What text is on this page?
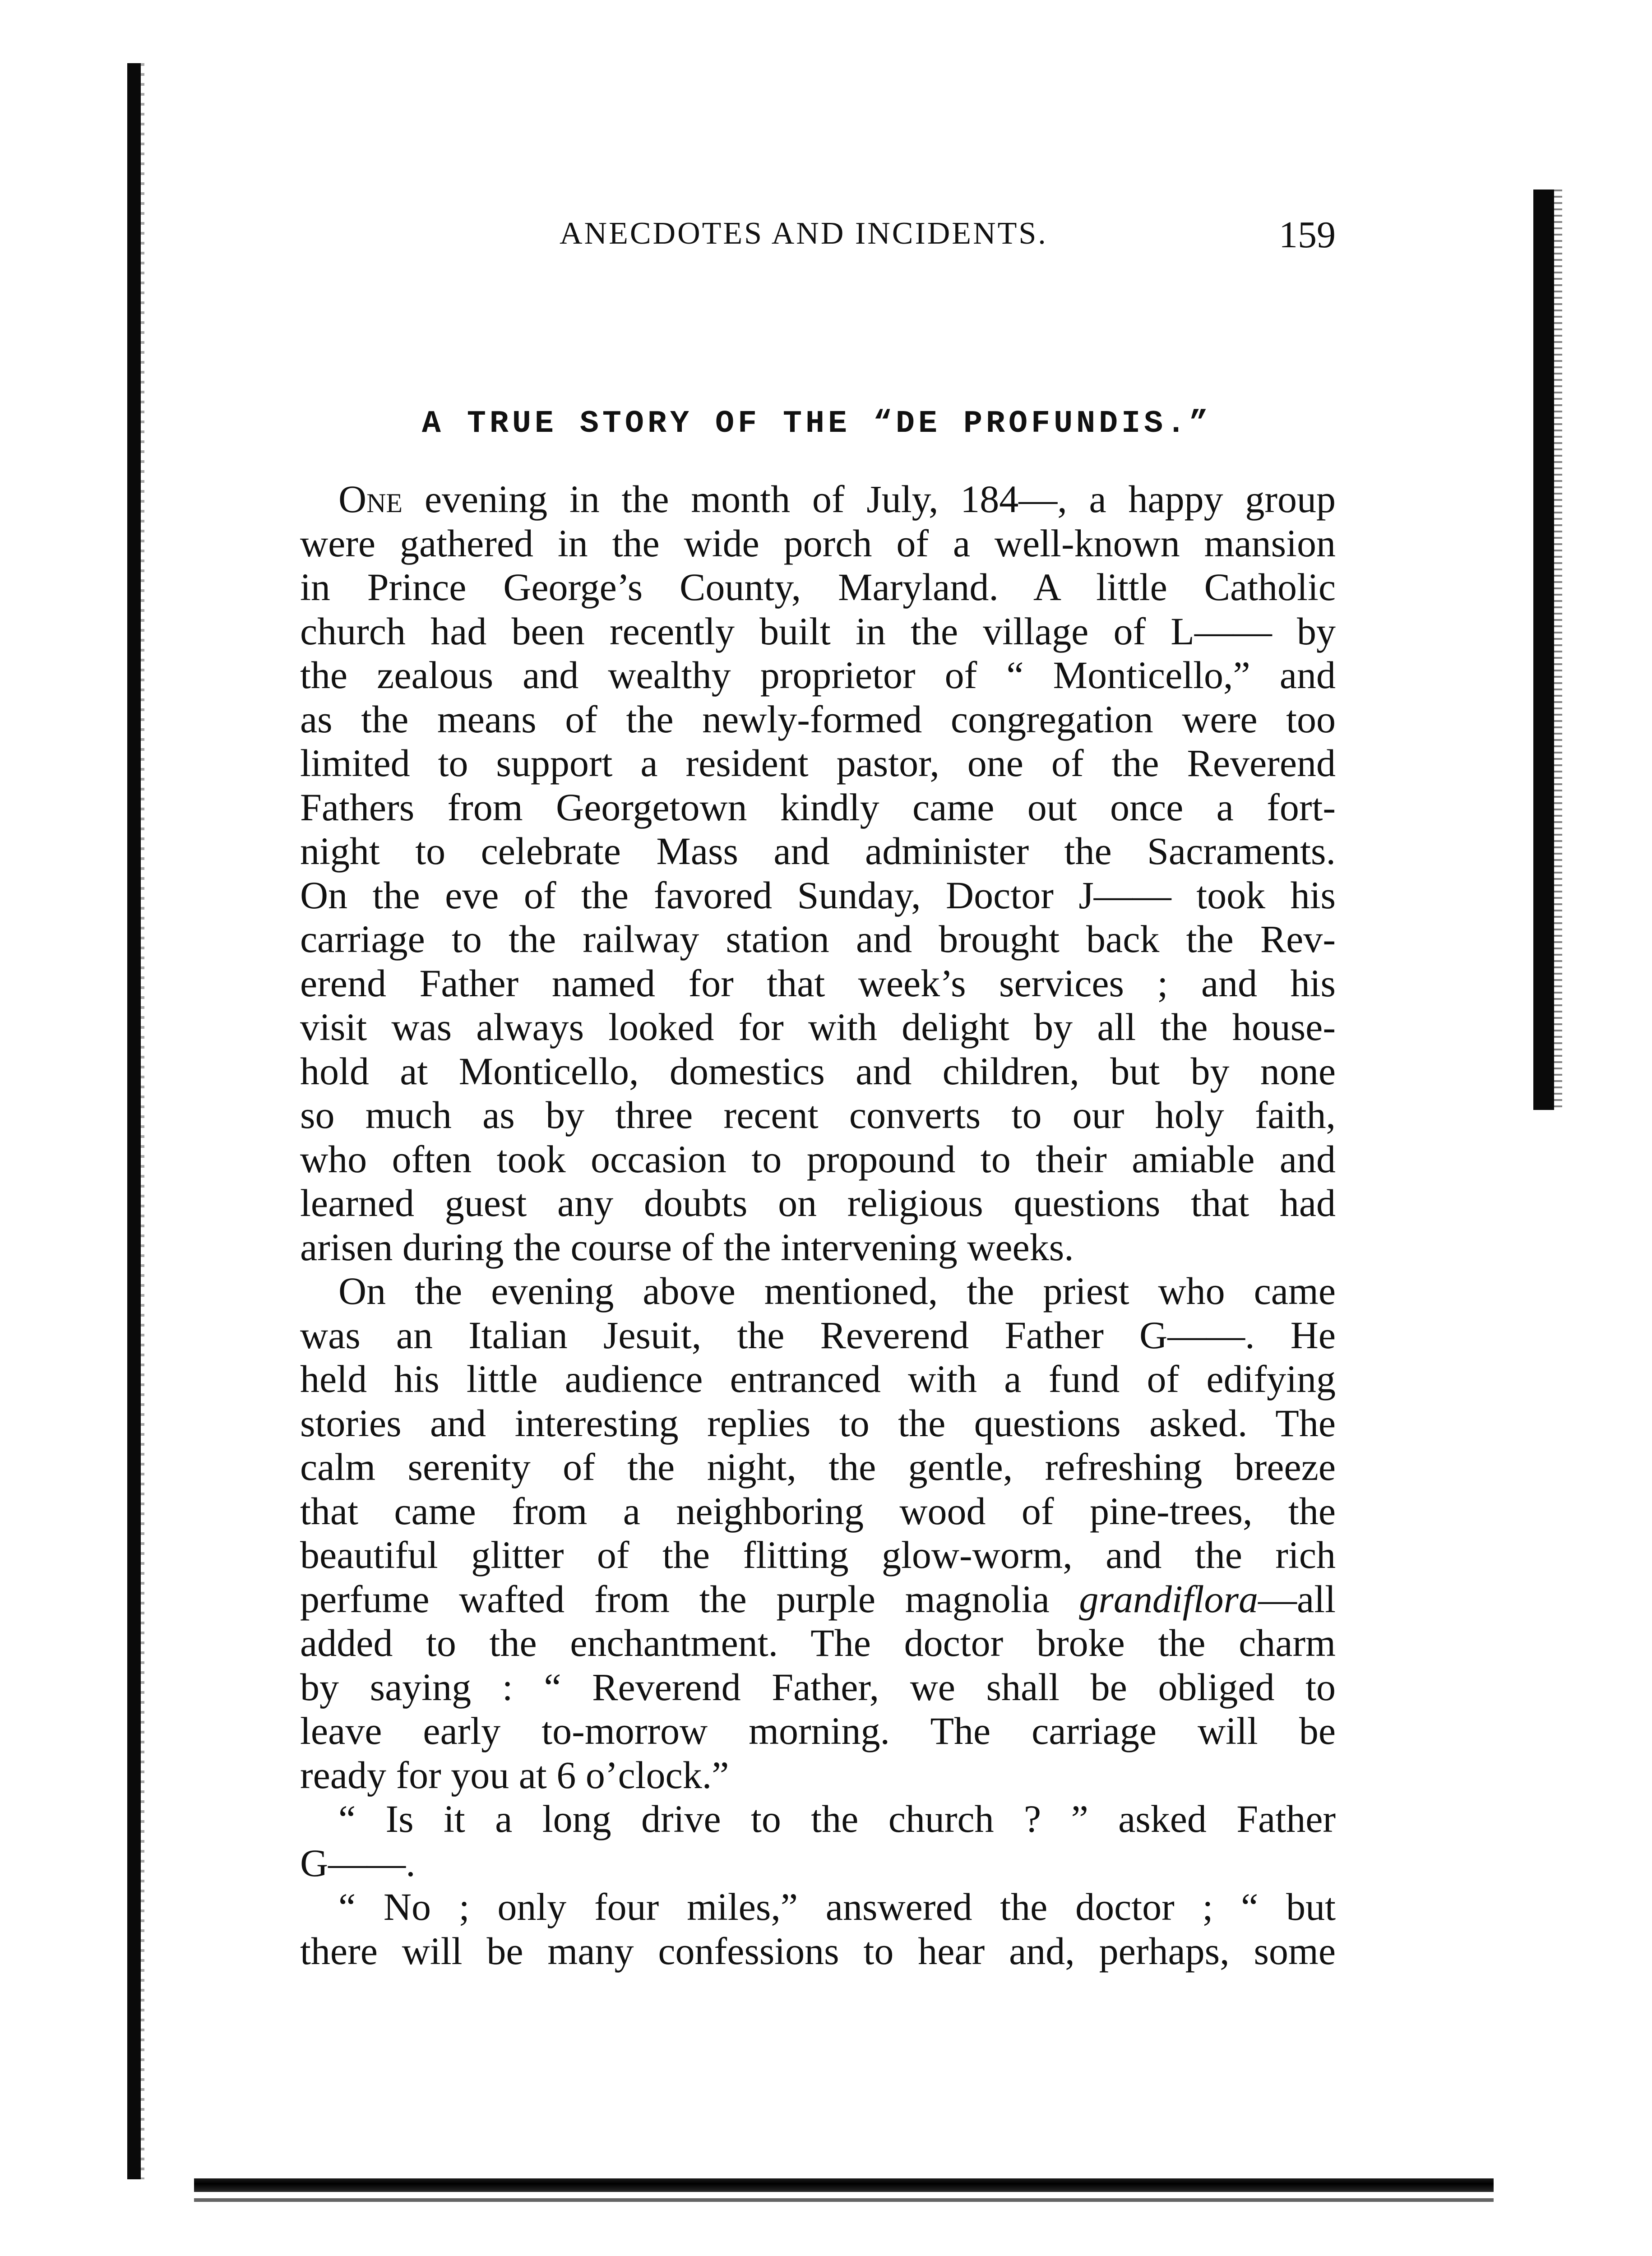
ANECDOTES AND INCIDENTS.	159
A TRUE STORY OF THE “DE PROFUNDIS.”
One evening in the month of July, 184—, a happy group
were gathered in the wide porch of a well-known mansion
in Prince George’s County, Maryland. A little Catholic
church had been recently built in the village of L—— by
the zealous and wealthy proprietor of “ Monticello,” and
as the means of the newly-formed congregation were too
limited to support a resident pastor, one of the Reverend
Fathers from Georgetown kindly came out once a fort-
night to celebrate Mass and administer the Sacraments.
On the eve of the favored Sunday, Doctor J—— took his
carriage to the railway station and brought back the Rev-
erend Father named for that week’s services ; and his
visit was always looked for with delight by all the house-
hold at Monticello, domestics and children, but by none
so much as by three recent converts to our holy faith,
who often took occasion to propound to their amiable and
learned guest any doubts on religious questions that had
arisen during the course of the intervening weeks.
On the evening above mentioned, the priest who came
was an Italian Jesuit, the Reverend Father G——. He
held his little audience entranced with a fund of edifying
stories and interesting replies to the questions asked. The
calm serenity of the night, the gentle, refreshing breeze
that came from a neighboring wood of pine-trees, the
beautiful glitter of the flitting glow-worm, and the rich
perfume wafted from the purple magnolia grandiflora—all
added to the enchantment. The doctor broke the charm
by saying : “ Reverend Father, we shall be obliged to
leave early to-morrow morning. The carriage will be
ready for you at 6 o’clock.”
“ Is it a long drive to the church ? ” asked Father
G——.
“ No ; only four miles,” answered the doctor ; “ but
there will be many confessions to hear and, perhaps, some
